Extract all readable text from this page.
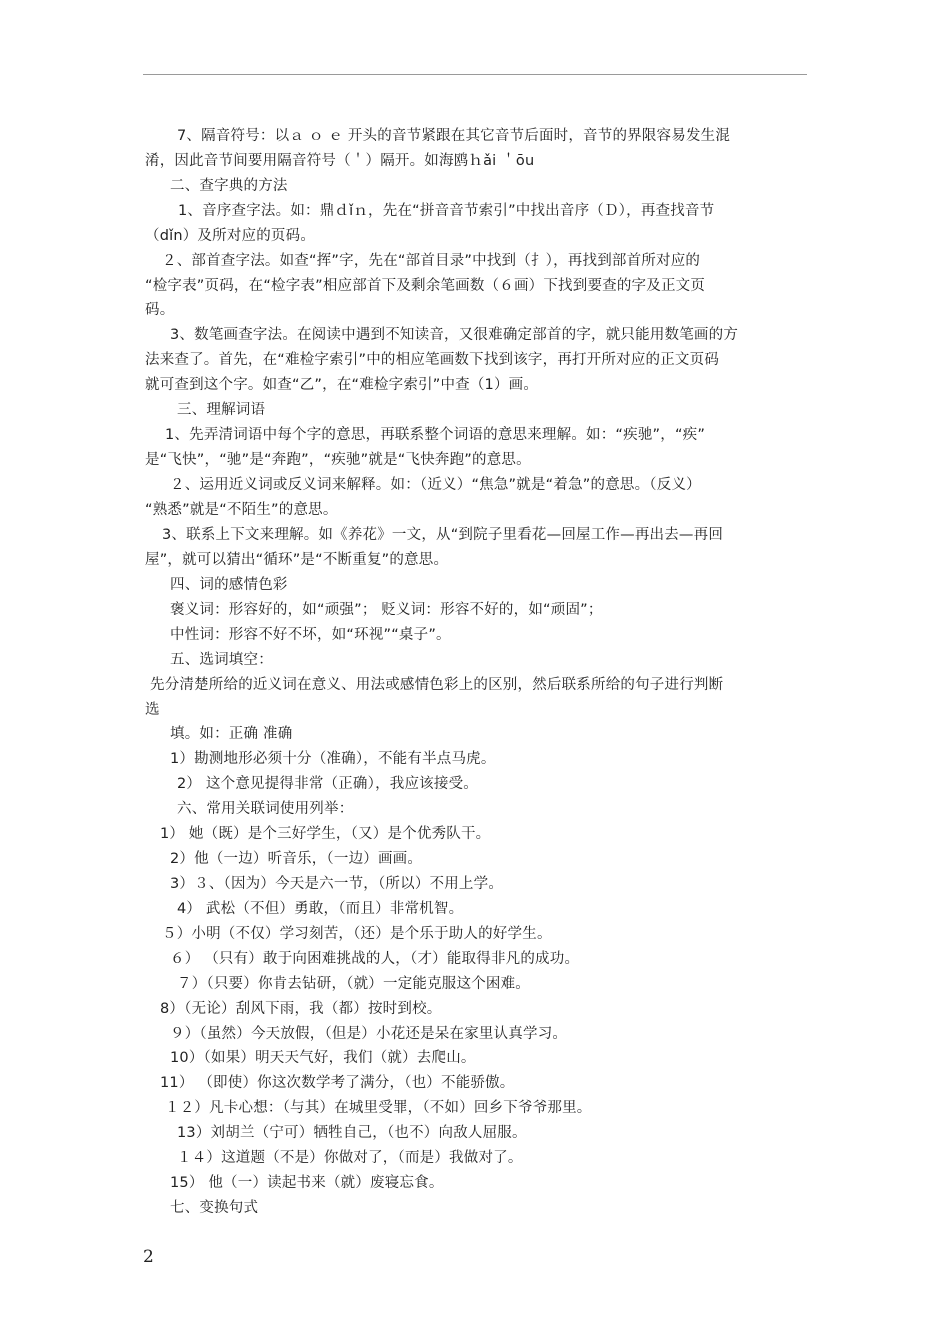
7、隔音符号：以ａ ｏ ｅ 开头的音节紧跟在其它音节后面时，音节的界限容易发生混
淆，因此音节间要用隔音符号（＇）隔开。如海鸥ｈǎi ＇ōu
二、查字典的方法
1、音序查字法。如：鼎ｄǐｎ，先在“拼音音节索引”中找出音序（Ｄ），再查找音节
（dǐn）及所对应的页码。
２、部首查字法。如查“挥”字，先在“部首目录”中找到（扌），再找到部首所对应的
“检字表”页码，在“检字表”相应部首下及剩余笔画数（６画）下找到要查的字及正文页
码。
3、数笔画查字法。在阅读中遇到不知读音，又很难确定部首的字，就只能用数笔画的方
法来查了。首先，在“难检字索引”中的相应笔画数下找到该字，再打开所对应的正文页码
就可查到这个字。如查“乙”，在“难检字索引”中查（1）画。
三、理解词语
1、先弄清词语中每个字的意思，再联系整个词语的意思来理解。如：“疾驰”，“疾”
是“飞快”，“驰”是“奔跑”，“疾驰”就是“飞快奔跑”的意思。
２、运用近义词或反义词来解释。如：（近义）“焦急”就是“着急”的意思。（反义）
“熟悉”就是“不陌生”的意思。
3、联系上下文来理解。如《养花》一文，从“到院子里看花—回屋工作—再出去—再回
屋”，就可以猜出“循环”是“不断重复”的意思。
四、词的感情色彩
褒义词：形容好的，如“顽强”； 贬义词：形容不好的，如“顽固”；
中性词：形容不好不坏，如“环视”“桌子”。
五、选词填空：
先分清楚所给的近义词在意义、用法或感情色彩上的区别，然后联系所给的句子进行判断
选
填。如：正确 准确
1）勘测地形必须十分（准确），不能有半点马虎。
2） 这个意见提得非常（正确），我应该接受。
六、常用关联词使用列举：
1） 她（既）是个三好学生，（又）是个优秀队干。
2）他（一边）听音乐，（一边）画画。
3）３、（因为）今天是六一节，（所以）不用上学。
4） 武松（不但）勇敢，（而且）非常机智。
５）小明（不仅）学习刻苦，（还）是个乐于助人的好学生。
６） （只有）敢于向困难挑战的人，（才）能取得非凡的成功。
７）（只要）你肯去钻研，（就）一定能克服这个困难。
8）（无论）刮风下雨，我（都）按时到校。
９）（虽然）今天放假，（但是）小花还是呆在家里认真学习。
10）（如果）明天天气好，我们（就）去爬山。
11） （即使）你这次数学考了满分，（也）不能骄傲。
１２）凡卡心想：（与其）在城里受罪，（不如）回乡下爷爷那里。
13）刘胡兰（宁可）牺牲自己，（也不）向敌人屈服。
１４）这道题（不是）你做对了，（而是）我做对了。
15） 他（一）读起书来（就）废寝忘食。
七、变换句式
2
